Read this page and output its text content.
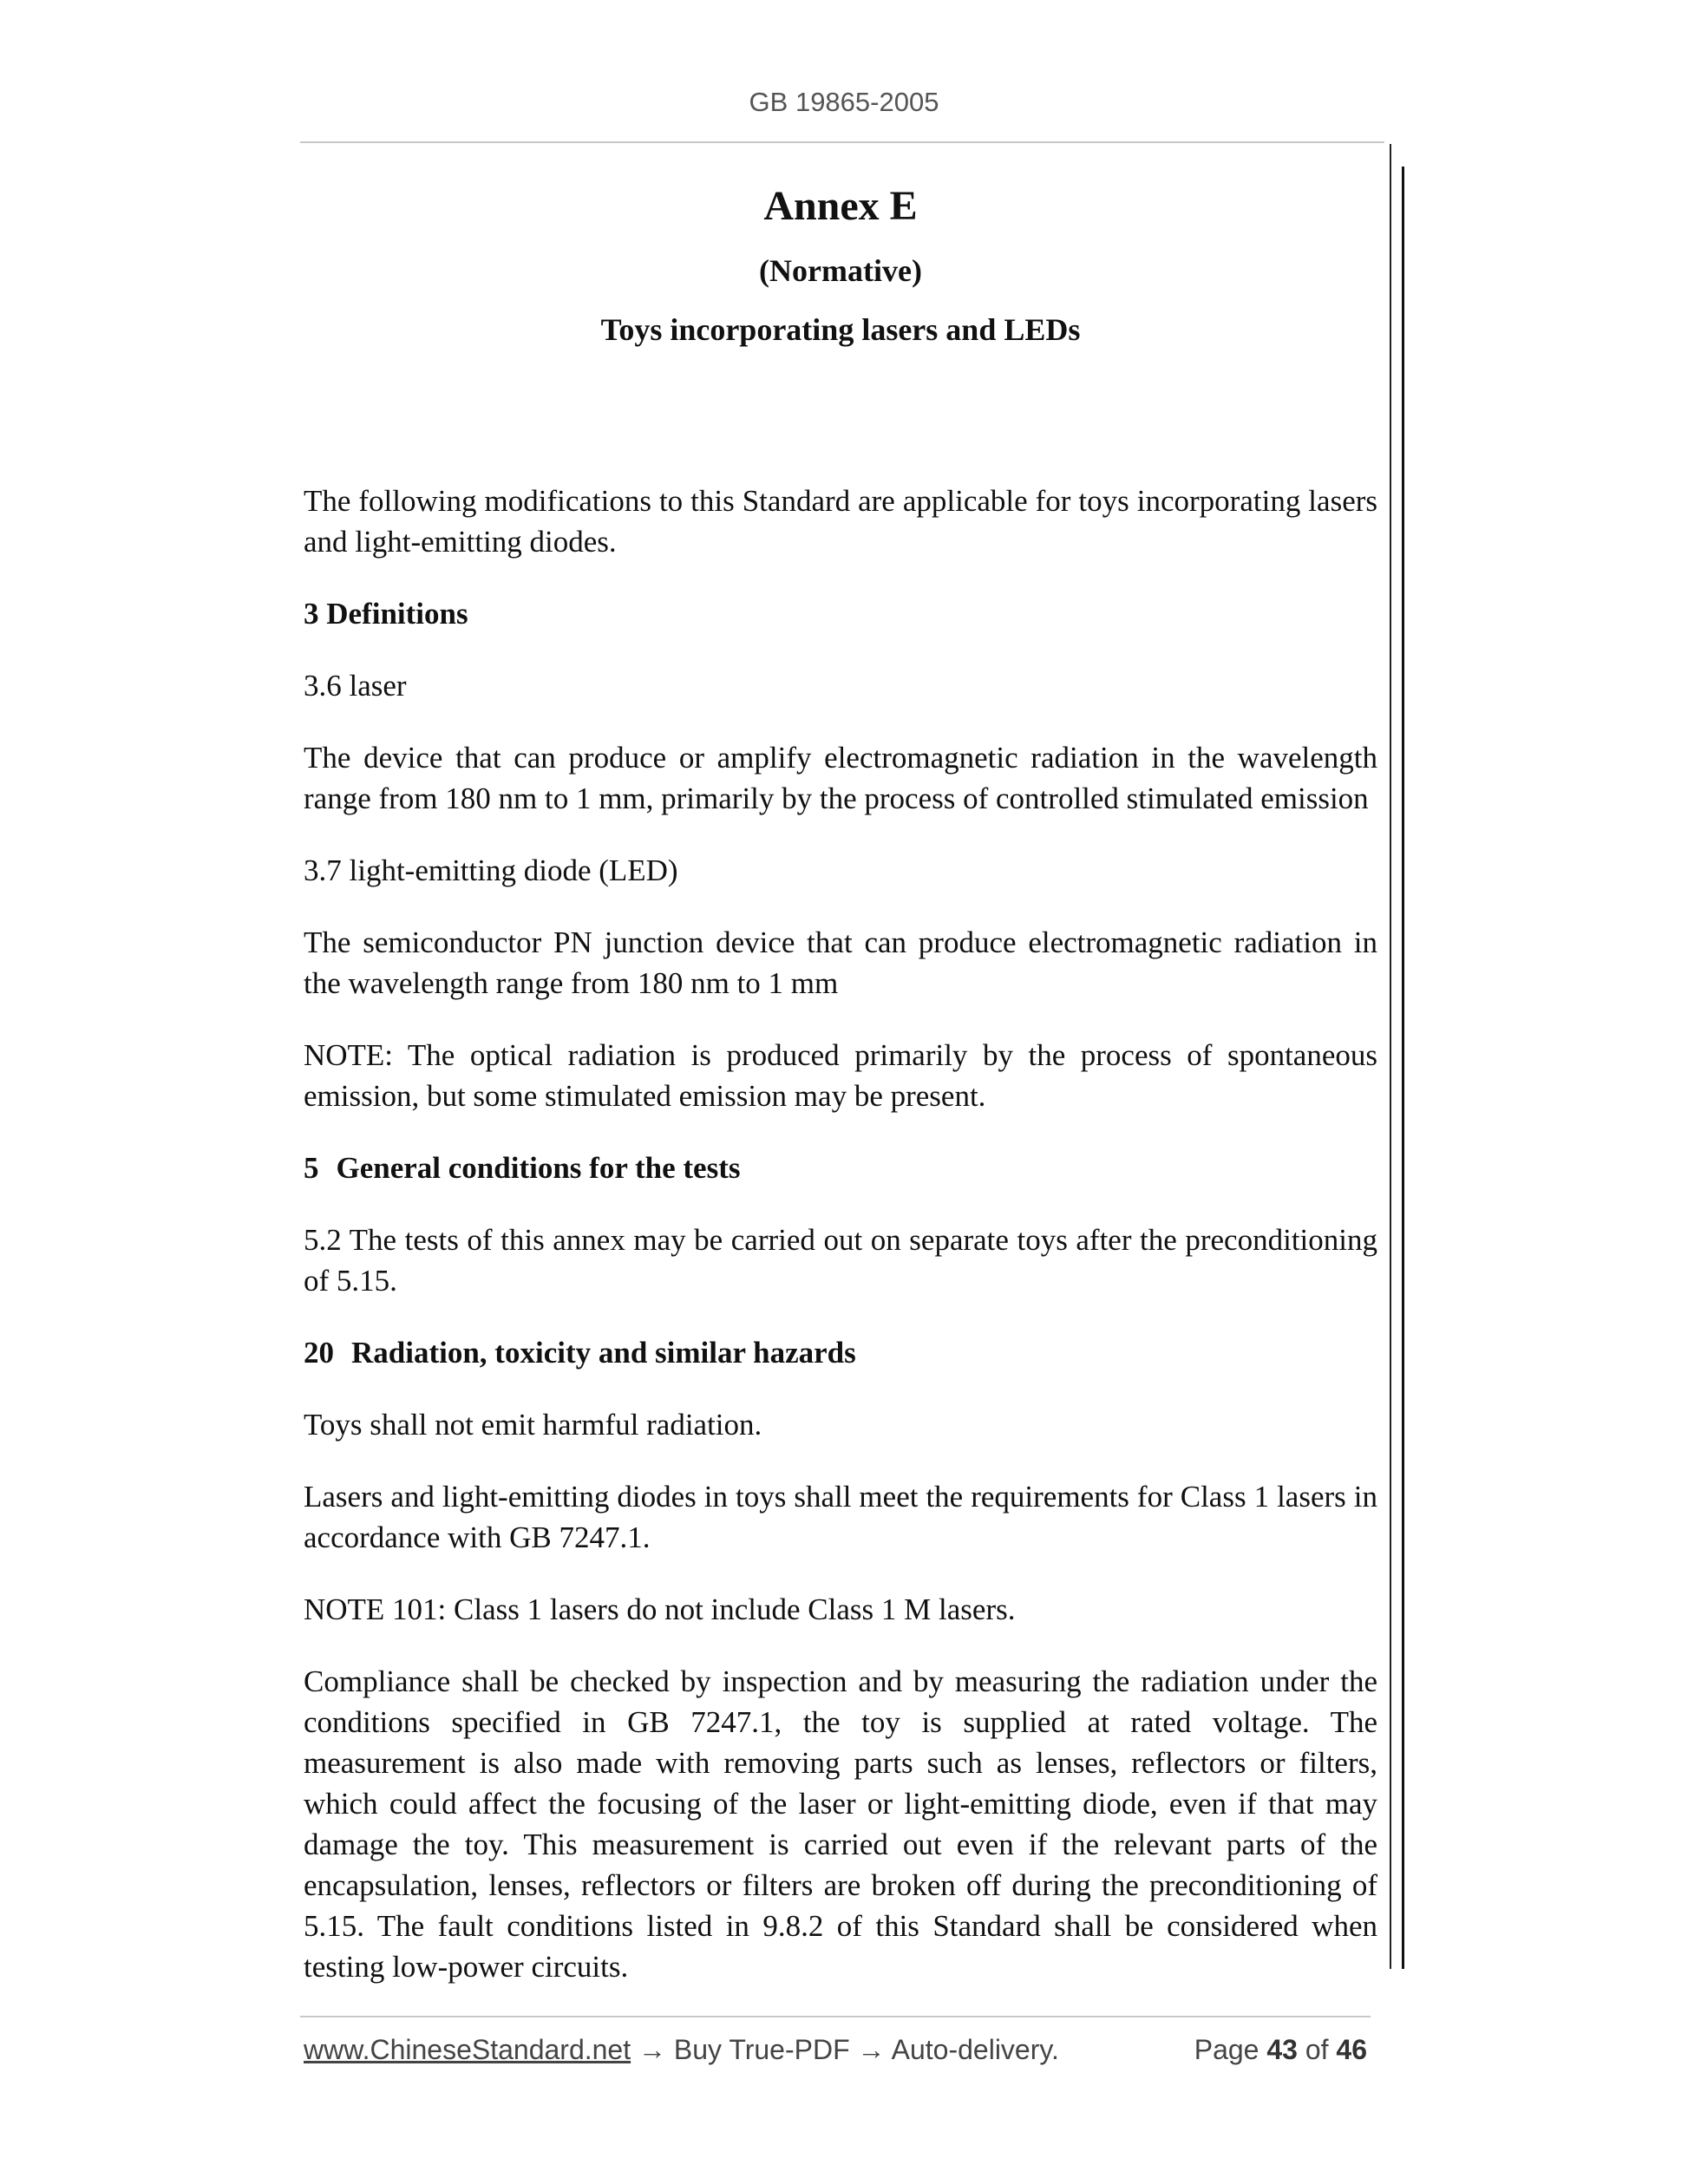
GB 19865-2005
Annex E
(Normative)
Toys incorporating lasers and LEDs

The following modifications to this Standard are applicable for toys incorporating lasers and light-emitting diodes.

3 Definitions

3.6 laser

The device that can produce or amplify electromagnetic radiation in the wavelength range from 180 nm to 1 mm, primarily by the process of controlled stimulated emission

3.7 light-emitting diode (LED)

The semiconductor PN junction device that can produce electromagnetic radiation in the wavelength range from 180 nm to 1 mm

NOTE: The optical radiation is produced primarily by the process of spontaneous emission, but some stimulated emission may be present.

5 General conditions for the tests

5.2 The tests of this annex may be carried out on separate toys after the preconditioning of 5.15.

20 Radiation, toxicity and similar hazards

Toys shall not emit harmful radiation.

Lasers and light-emitting diodes in toys shall meet the requirements for Class 1 lasers in accordance with GB 7247.1.

NOTE 101: Class 1 lasers do not include Class 1 M lasers.

Compliance shall be checked by inspection and by measuring the radiation under the conditions specified in GB 7247.1, the toy is supplied at rated voltage. The measurement is also made with removing parts such as lenses, reflectors or filters, which could affect the focusing of the laser or light-emitting diode, even if that may damage the toy. This measurement is carried out even if the relevant parts of the encapsulation, lenses, reflectors or filters are broken off during the preconditioning of 5.15. The fault conditions listed in 9.8.2 of this Standard shall be considered when testing low-power circuits.

www.ChineseStandard.net → Buy True-PDF → Auto-delivery.	Page 43 of 46
